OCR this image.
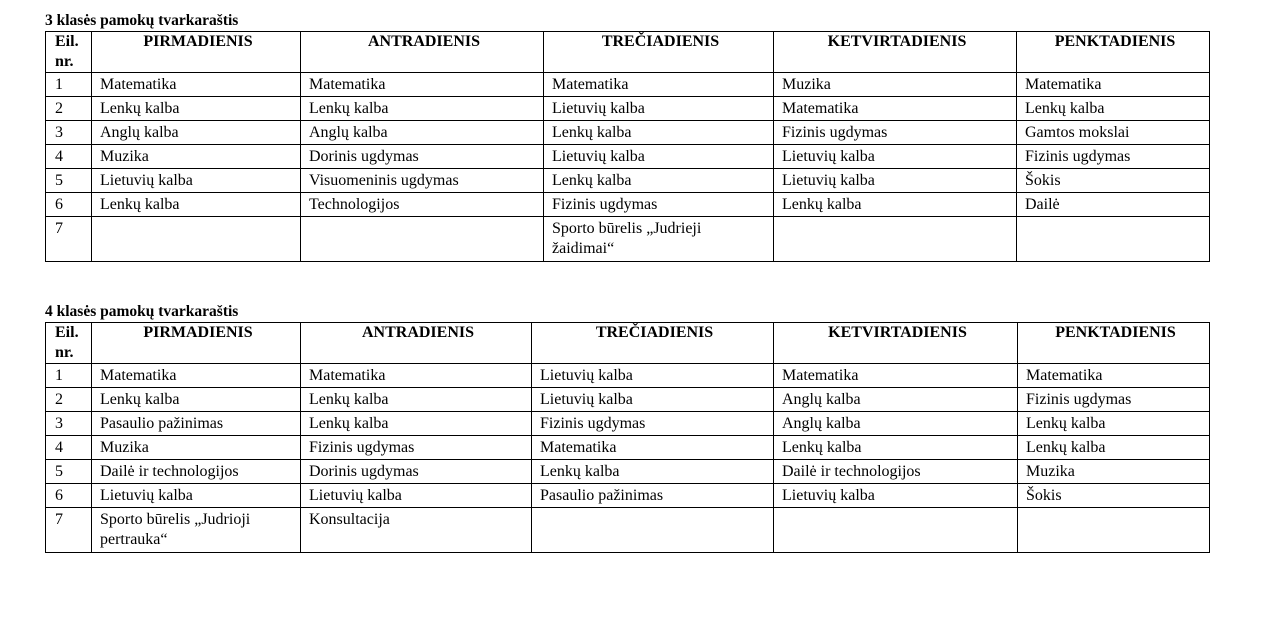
3 klasės pamokų tvarkaraštis
Eil.
nr.	PIRMADIENIS	ANTRADIENIS	TREČIADIENIS	KETVIRTADIENIS	PENKTADIENIS
1	Matematika	Matematika	Matematika	Muzika	Matematika
2	Lenkų kalba	Lenkų kalba	Lietuvių kalba	Matematika	Lenkų kalba
3	Anglų kalba	Anglų kalba	Lenkų kalba	Fizinis ugdymas	Gamtos mokslai
4	Muzika	Dorinis ugdymas	Lietuvių kalba	Lietuvių kalba	Fizinis ugdymas
5	Lietuvių kalba	Visuomeninis ugdymas	Lenkų kalba	Lietuvių kalba	Šokis
6	Lenkų kalba	Technologijos	Fizinis ugdymas	Lenkų kalba	Dailė
7			Sporto būrelis „Judrieji žaidimai“		
4 klasės pamokų tvarkaraštis
Eil.
nr.	PIRMADIENIS	ANTRADIENIS	TREČIADIENIS	KETVIRTADIENIS	PENKTADIENIS
1	Matematika	Matematika	Lietuvių kalba	Matematika	Matematika
2	Lenkų kalba	Lenkų kalba	Lietuvių kalba	Anglų kalba	Fizinis ugdymas
3	Pasaulio pažinimas	Lenkų kalba	Fizinis ugdymas	Anglų kalba	Lenkų kalba
4	Muzika	Fizinis ugdymas	Matematika	Lenkų kalba	Lenkų kalba
5	Dailė ir technologijos	Dorinis ugdymas	Lenkų kalba	Dailė ir technologijos	Muzika
6	Lietuvių kalba	Lietuvių kalba	Pasaulio pažinimas	Lietuvių kalba	Šokis
7	Sporto būrelis „Judrioji pertrauka“	Konsultacija			
